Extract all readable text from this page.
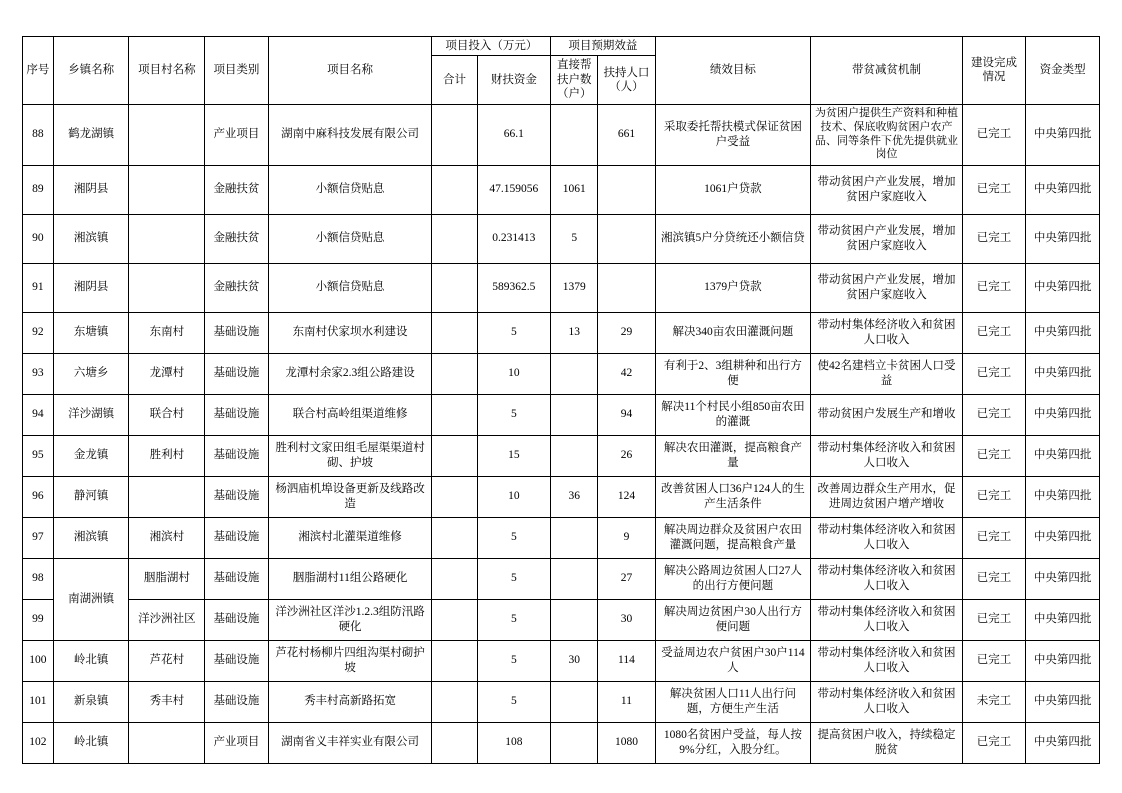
序号	乡镇名称	项目村名称	项目类别	项目名称	项目投入（万元）		项目预期效益		绩效目标	带贫减贫机制	建设完成情况	资金类型
					合计	财扶资金	直接帮扶户数（户）	扶持人口（人）				
88	鹤龙湖镇		产业项目	湖南中麻科技发展有限公司		66.1		661	采取委托帮扶模式保证贫困户受益	为贫困户提供生产资料和种植技术、保底收购贫困户农产品、同等条件下优先提供就业岗位	已完工	中央第四批
89	湘阴县		金融扶贫	小额信贷贴息		47.159056	1061		1061户贷款	带动贫困户产业发展，增加贫困户家庭收入	已完工	中央第四批
90	湘滨镇		金融扶贫	小额信贷贴息		0.231413	5		湘滨镇5户分贷统还小额信贷	带动贫困户产业发展，增加贫困户家庭收入	已完工	中央第四批
91	湘阴县		金融扶贫	小额信贷贴息		589362.5	1379		1379户贷款	带动贫困户产业发展，增加贫困户家庭收入	已完工	中央第四批
92	东塘镇	东南村	基础设施	东南村伏家坝水利建设		5	13	29	解决340亩农田灌溉问题	带动村集体经济收入和贫困人口收入	已完工	中央第四批
93	六塘乡	龙潭村	基础设施	龙潭村余家2.3组公路建设		10		42	有利于2、3组耕种和出行方便	使42名建档立卡贫困人口受益	已完工	中央第四批
94	洋沙湖镇	联合村	基础设施	联合村高岭组渠道维修		5		94	解决11个村民小组850亩农田的灌溉	带动贫困户发展生产和增收	已完工	中央第四批
95	金龙镇	胜利村	基础设施	胜利村文家田组毛屋渠渠道村砌、护坡		15		26	解决农田灌溉，提高粮食产量	带动村集体经济收入和贫困人口收入	已完工	中央第四批
96	静河镇		基础设施	杨泗庙机埠设备更新及线路改造		10	36	124	改善贫困人口36户124人的生产生活条件	改善周边群众生产用水，促进周边贫困户增产增收	已完工	中央第四批
97	湘滨镇	湘滨村	基础设施	湘滨村北灌渠道维修		5		9	解决周边群众及贫困户农田灌溉问题，提高粮食产量	带动村集体经济收入和贫困人口收入	已完工	中央第四批
98	南湖洲镇	胭脂湖村	基础设施	胭脂湖村11组公路硬化		5		27	解决公路周边贫困人口27人的出行方便问题	带动村集体经济收入和贫困人口收入	已完工	中央第四批
99		洋沙洲社区	基础设施	洋沙洲社区洋沙1.2.3组防汛路硬化		5		30	解决周边贫困户30人出行方便问题	带动村集体经济收入和贫困人口收入	已完工	中央第四批
100	岭北镇	芦花村	基础设施	芦花村杨柳片四组沟渠村砌护坡		5	30	114	受益周边农户贫困户30户114人	带动村集体经济收入和贫困人口收入	已完工	中央第四批
101	新泉镇	秀丰村	基础设施	秀丰村高新路拓宽		5		11	解决贫困人口11人出行问题，方便生产生活	带动村集体经济收入和贫困人口收入	未完工	中央第四批
102	岭北镇		产业项目	湖南省义丰祥实业有限公司		108		1080	1080名贫困户受益，每人按9%分红，入股分红。	提高贫困户收入，持续稳定脱贫	已完工	中央第四批
